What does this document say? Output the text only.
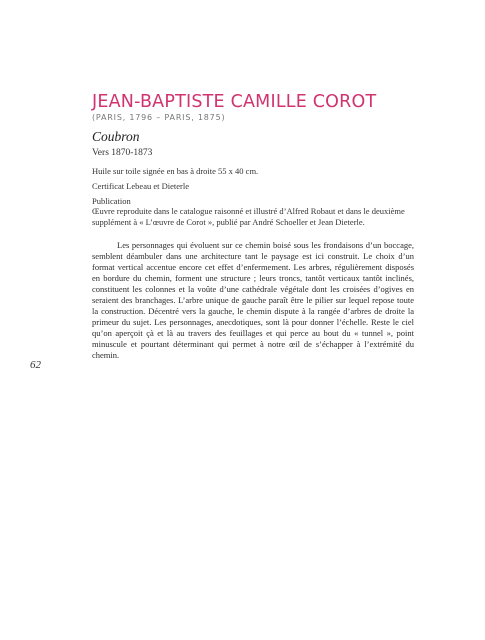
JEAN-BAPTISTE CAMILLE COROT
(PARIS, 1796 – PARIS, 1875)
Coubron
Vers 1870-1873
Huile sur toile signée en bas à droite 55 x 40 cm.
Certificat Lebeau et Dieterle
Publication
Œuvre reproduite dans le catalogue raisonné et illustré d’Alfred Robaut et dans le deuxième supplément à « L’œuvre de Corot », publié par André Schoeller et Jean Dieterle.

Les personnages qui évoluent sur ce chemin boisé sous les frondaisons d’un boccage, semblent déambuler dans une architecture tant le paysage est ici construit. Le choix d’un format vertical accentue encore cet effet d’enfermement. Les arbres, régulièrement disposés en bordure du chemin, forment une structure ; leurs troncs, tantôt verticaux tantôt inclinés, constituent les colonnes et la voûte d’une cathédrale végétale dont les croisées d’ogives en seraient des branchages. L’arbre unique de gauche paraît être le pilier sur lequel repose toute la construction. Décentré vers la gauche, le chemin dispute à la rangée d’arbres de droite la primeur du sujet. Les personnages, anecdotiques, sont là pour donner l’échelle. Reste le ciel qu’on aperçoit çà et là au travers des feuillages et qui perce au bout du « tunnel », point minuscule et pourtant déterminant qui permet à notre œil de s’échapper à l’extrémité du chemin.

62
